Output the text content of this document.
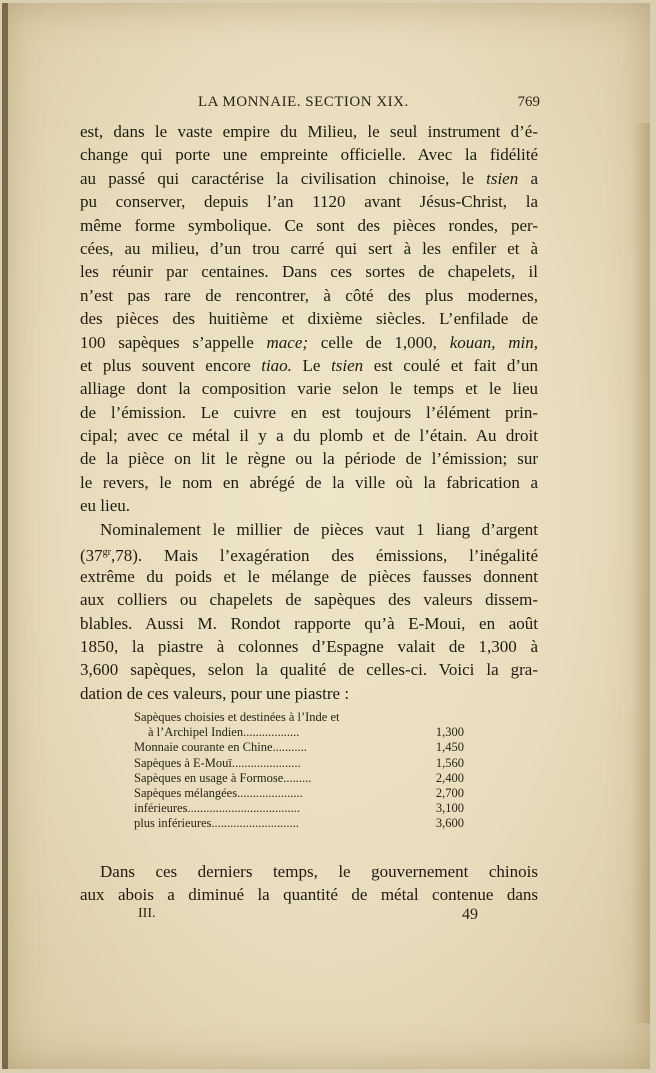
LA MONNAIE. SECTION XIX.	769
est, dans le vaste empire du Milieu, le seul instrument d’é-
change qui porte une empreinte officielle. Avec la fidélité
au passé qui caractérise la civilisation chinoise, le tsien a
pu conserver, depuis l’an 1120 avant Jésus-Christ, la
même forme symbolique. Ce sont des pièces rondes, per-
cées, au milieu, d’un trou carré qui sert à les enfiler et à
les réunir par centaines. Dans ces sortes de chapelets, il
n’est pas rare de rencontrer, à côté des plus modernes,
des pièces des huitième et dixième siècles. L’enfilade de
100 sapèques s’appelle mace; celle de 1,000, kouan, min,
et plus souvent encore tiao. Le tsien est coulé et fait d’un
alliage dont la composition varie selon le temps et le lieu
de l’émission. Le cuivre en est toujours l’élément prin-
cipal; avec ce métal il y a du plomb et de l’étain. Au droit
de la pièce on lit le règne ou la période de l’émission; sur
le revers, le nom en abrégé de la ville où la fabrication a
eu lieu.
Nominalement le millier de pièces vaut 1 liang d’argent
$(37^{gr},78)$. Mais l’exagération des émissions, l’inégalité
extrême du poids et le mélange de pièces fausses donnent
aux colliers ou chapelets de sapèques des valeurs dissem-
blables. Aussi M. Rondot rapporte qu’à E-Moui, en août
1850, la piastre à colonnes d’Espagne valait de 1,300 à
3,600 sapèques, selon la qualité de celles-ci. Voici la gra-
dation de ces valeurs, pour une piastre :
Sapèques choisies et destinées à l’Inde et
à l’Archipel Indien..................	1,300
Monnaie courante en Chine...........	1,450
Sapèques à E-Mouï......................	1,560
Sapèques en usage à Formose.........	2,400
Sapèques mélangées.....................	2,700
inférieures....................................	3,100
plus inférieures............................	3,600
Dans ces derniers temps, le gouvernement chinois
aux abois a diminué la quantité de métal contenue dans
III.	49
